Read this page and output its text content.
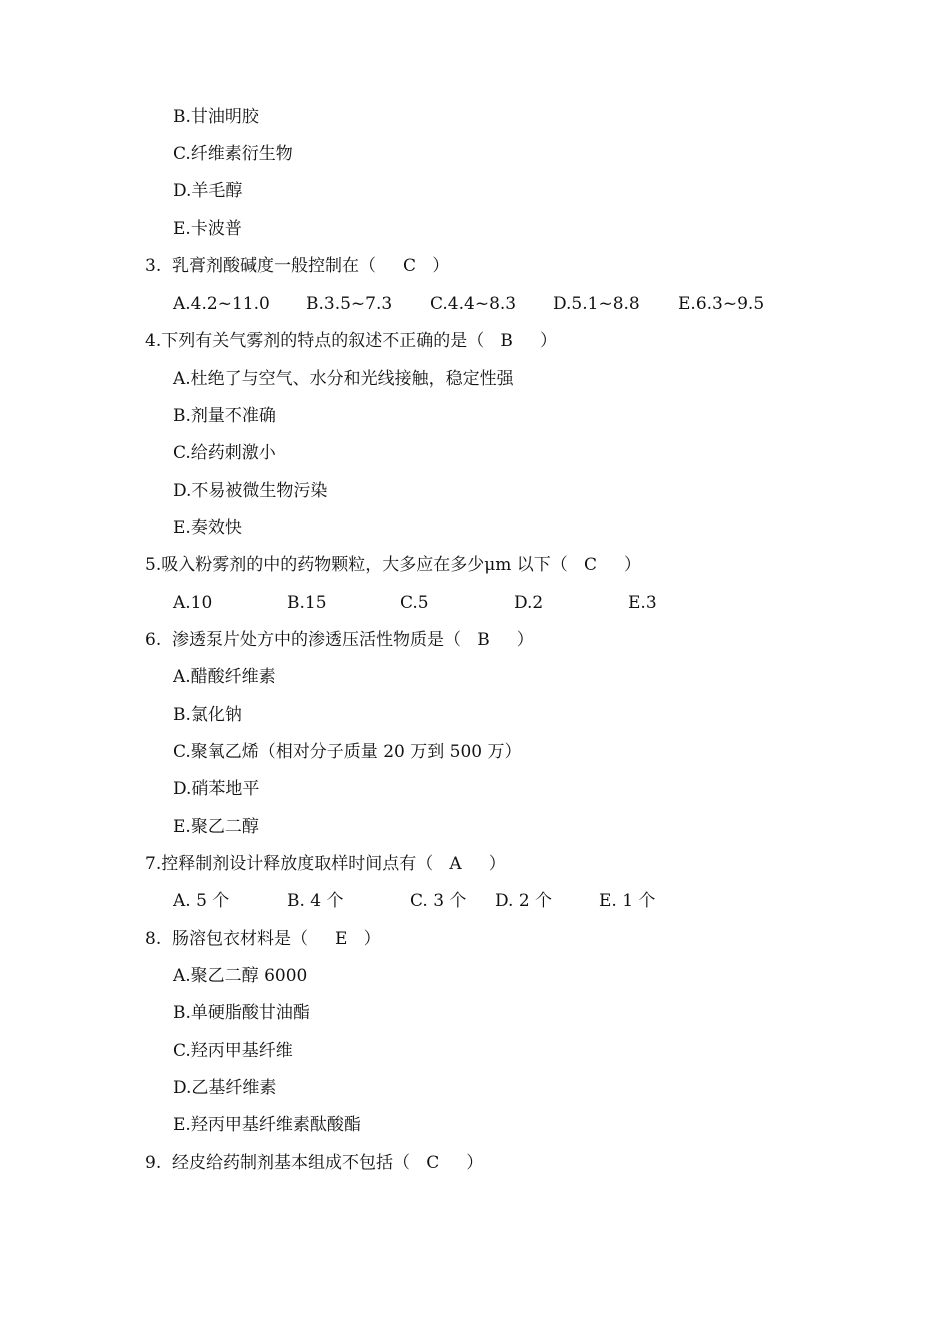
B.甘油明胶
C.纤维素衍生物
D.羊毛醇
E.卡波普
3.  乳膏剂酸碱度一般控制在（     C   ）
A.4.2~11.0 B.3.5~7.3 C.4.4~8.3 D.5.1~8.8 E.6.3~9.5
4.下列有关气雾剂的特点的叙述不正确的是（   B     ）
A.杜绝了与空气、水分和光线接触，稳定性强
B.剂量不准确
C.给药刺激小
D.不易被微生物污染
E.奏效快
5.吸入粉雾剂的中的药物颗粒，大多应在多少μm 以下（   C     ）
A.10	B.15	C.5	D.2	E.3
6.  渗透泵片处方中的渗透压活性物质是（   B     ）
A.醋酸纤维素
B.氯化钠
C.聚氧乙烯（相对分子质量 20 万到 500 万）
D.硝苯地平
E.聚乙二醇
7.控释制剂设计释放度取样时间点有（   A     ）
A. 5 个	B. 4 个	C. 3 个 D. 2 个	E. 1 个
8.  肠溶包衣材料是（     E   ）
A.聚乙二醇 6000
B.单硬脂酸甘油酯
C.羟丙甲基纤维
D.乙基纤维素
E.羟丙甲基纤维素酞酸酯
9.  经皮给药制剂基本组成不包括（   C     ）
